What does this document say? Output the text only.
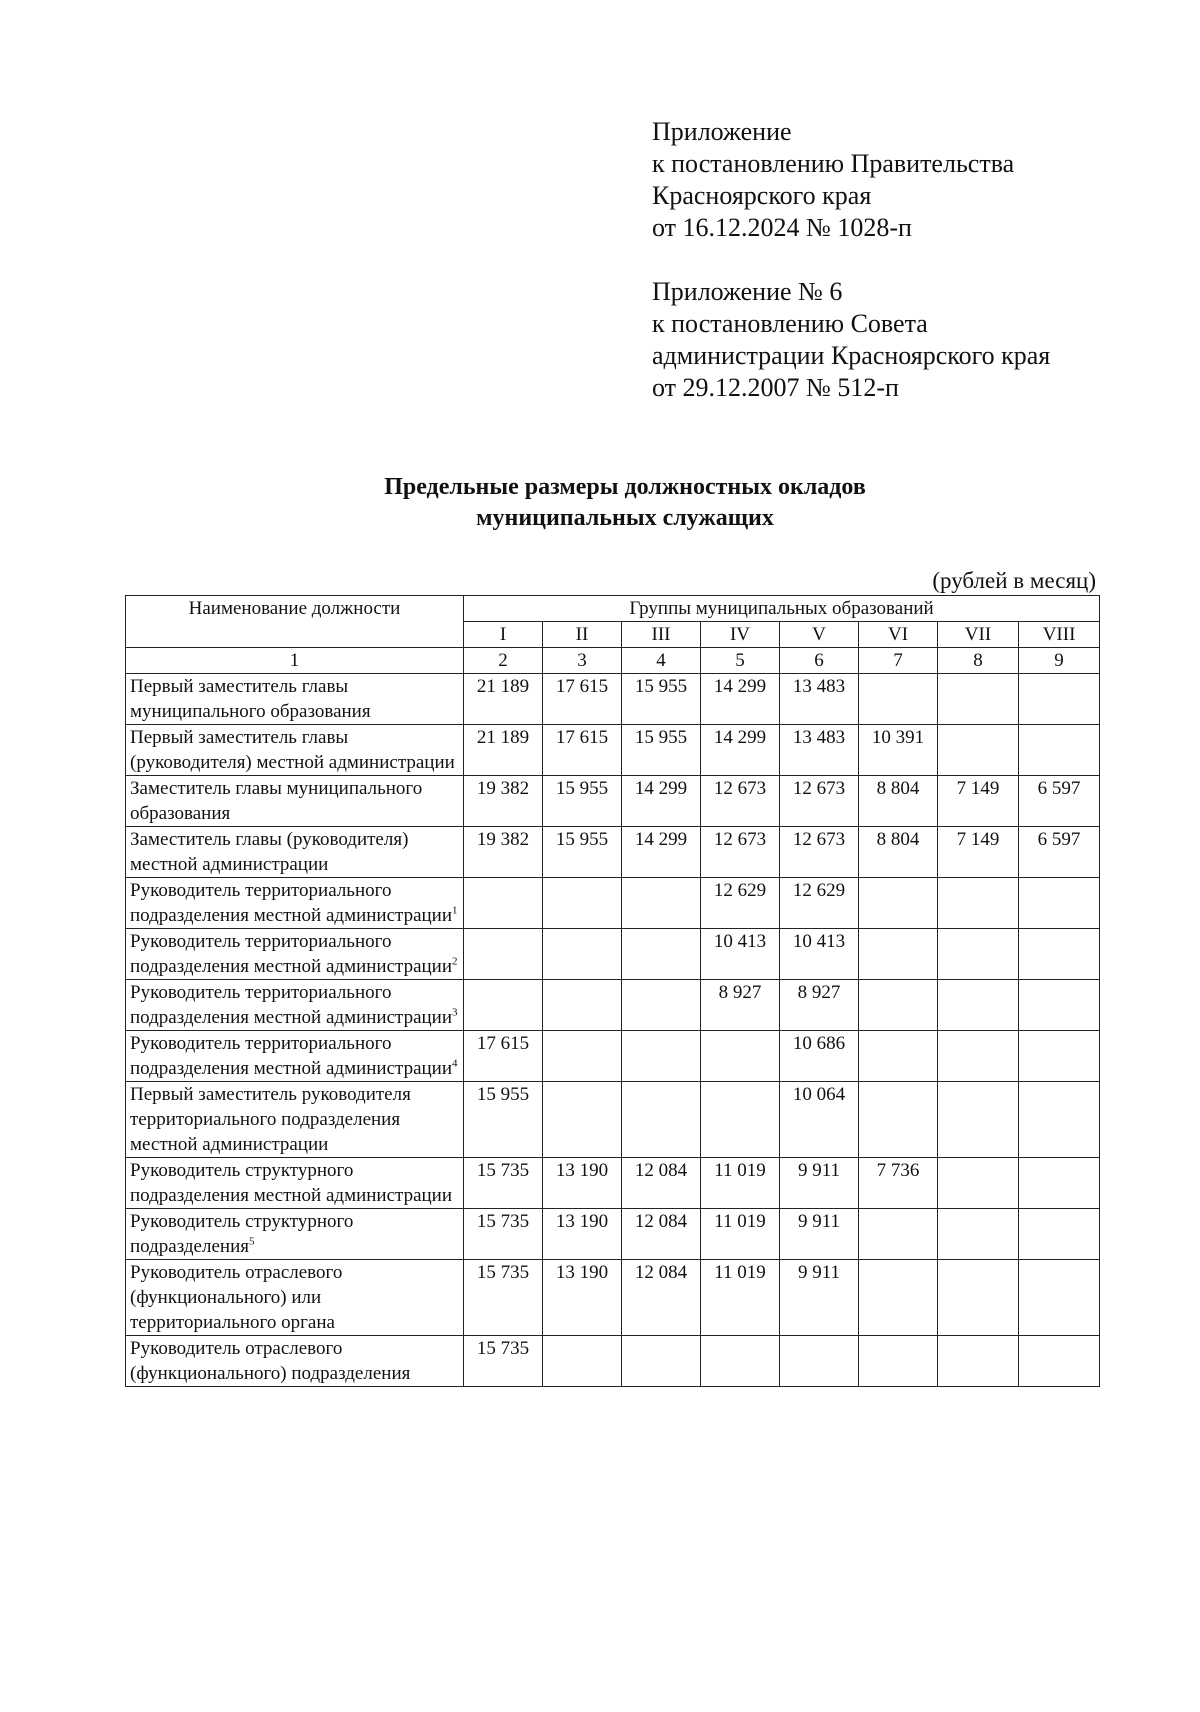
Приложение
к постановлению Правительства
Красноярского края
от 16.12.2024 № 1028-п
Приложение № 6
к постановлению Совета
администрации Красноярского края
от 29.12.2007 № 512-п
Предельные размеры должностных окладов
муниципальных служащих
(рублей в месяц)
Наименование должности	Группы муниципальных образований							
	I	II	III	IV	V	VI	VII	VIII
1	2	3	4	5	6	7	8	9
Первый заместитель главы муниципального образования	21 189	17 615	15 955	14 299	13 483			
Первый заместитель главы (руководителя) местной администрации	21 189	17 615	15 955	14 299	13 483	10 391		
Заместитель главы муниципального образования	19 382	15 955	14 299	12 673	12 673	8 804	7 149	6 597
Заместитель главы (руководителя) местной администрации	19 382	15 955	14 299	12 673	12 673	8 804	7 149	6 597
Руководитель территориального подразделения местной администрации$^1$				12 629	12 629			
Руководитель территориального подразделения местной администрации$^2$				10 413	10 413			
Руководитель территориального подразделения местной администрации$^3$				8 927	8 927			
Руководитель территориального подразделения местной администрации$^4$	17 615				10 686			
Первый заместитель руководителя территориального подразделения местной администрации	15 955				10 064			
Руководитель структурного подразделения местной администрации	15 735	13 190	12 084	11 019	9 911	7 736		
Руководитель структурного подразделения$^5$	15 735	13 190	12 084	11 019	9 911			
Руководитель отраслевого (функционального) или территориального органа	15 735	13 190	12 084	11 019	9 911			
Руководитель отраслевого (функционального) подразделения	15 735							
